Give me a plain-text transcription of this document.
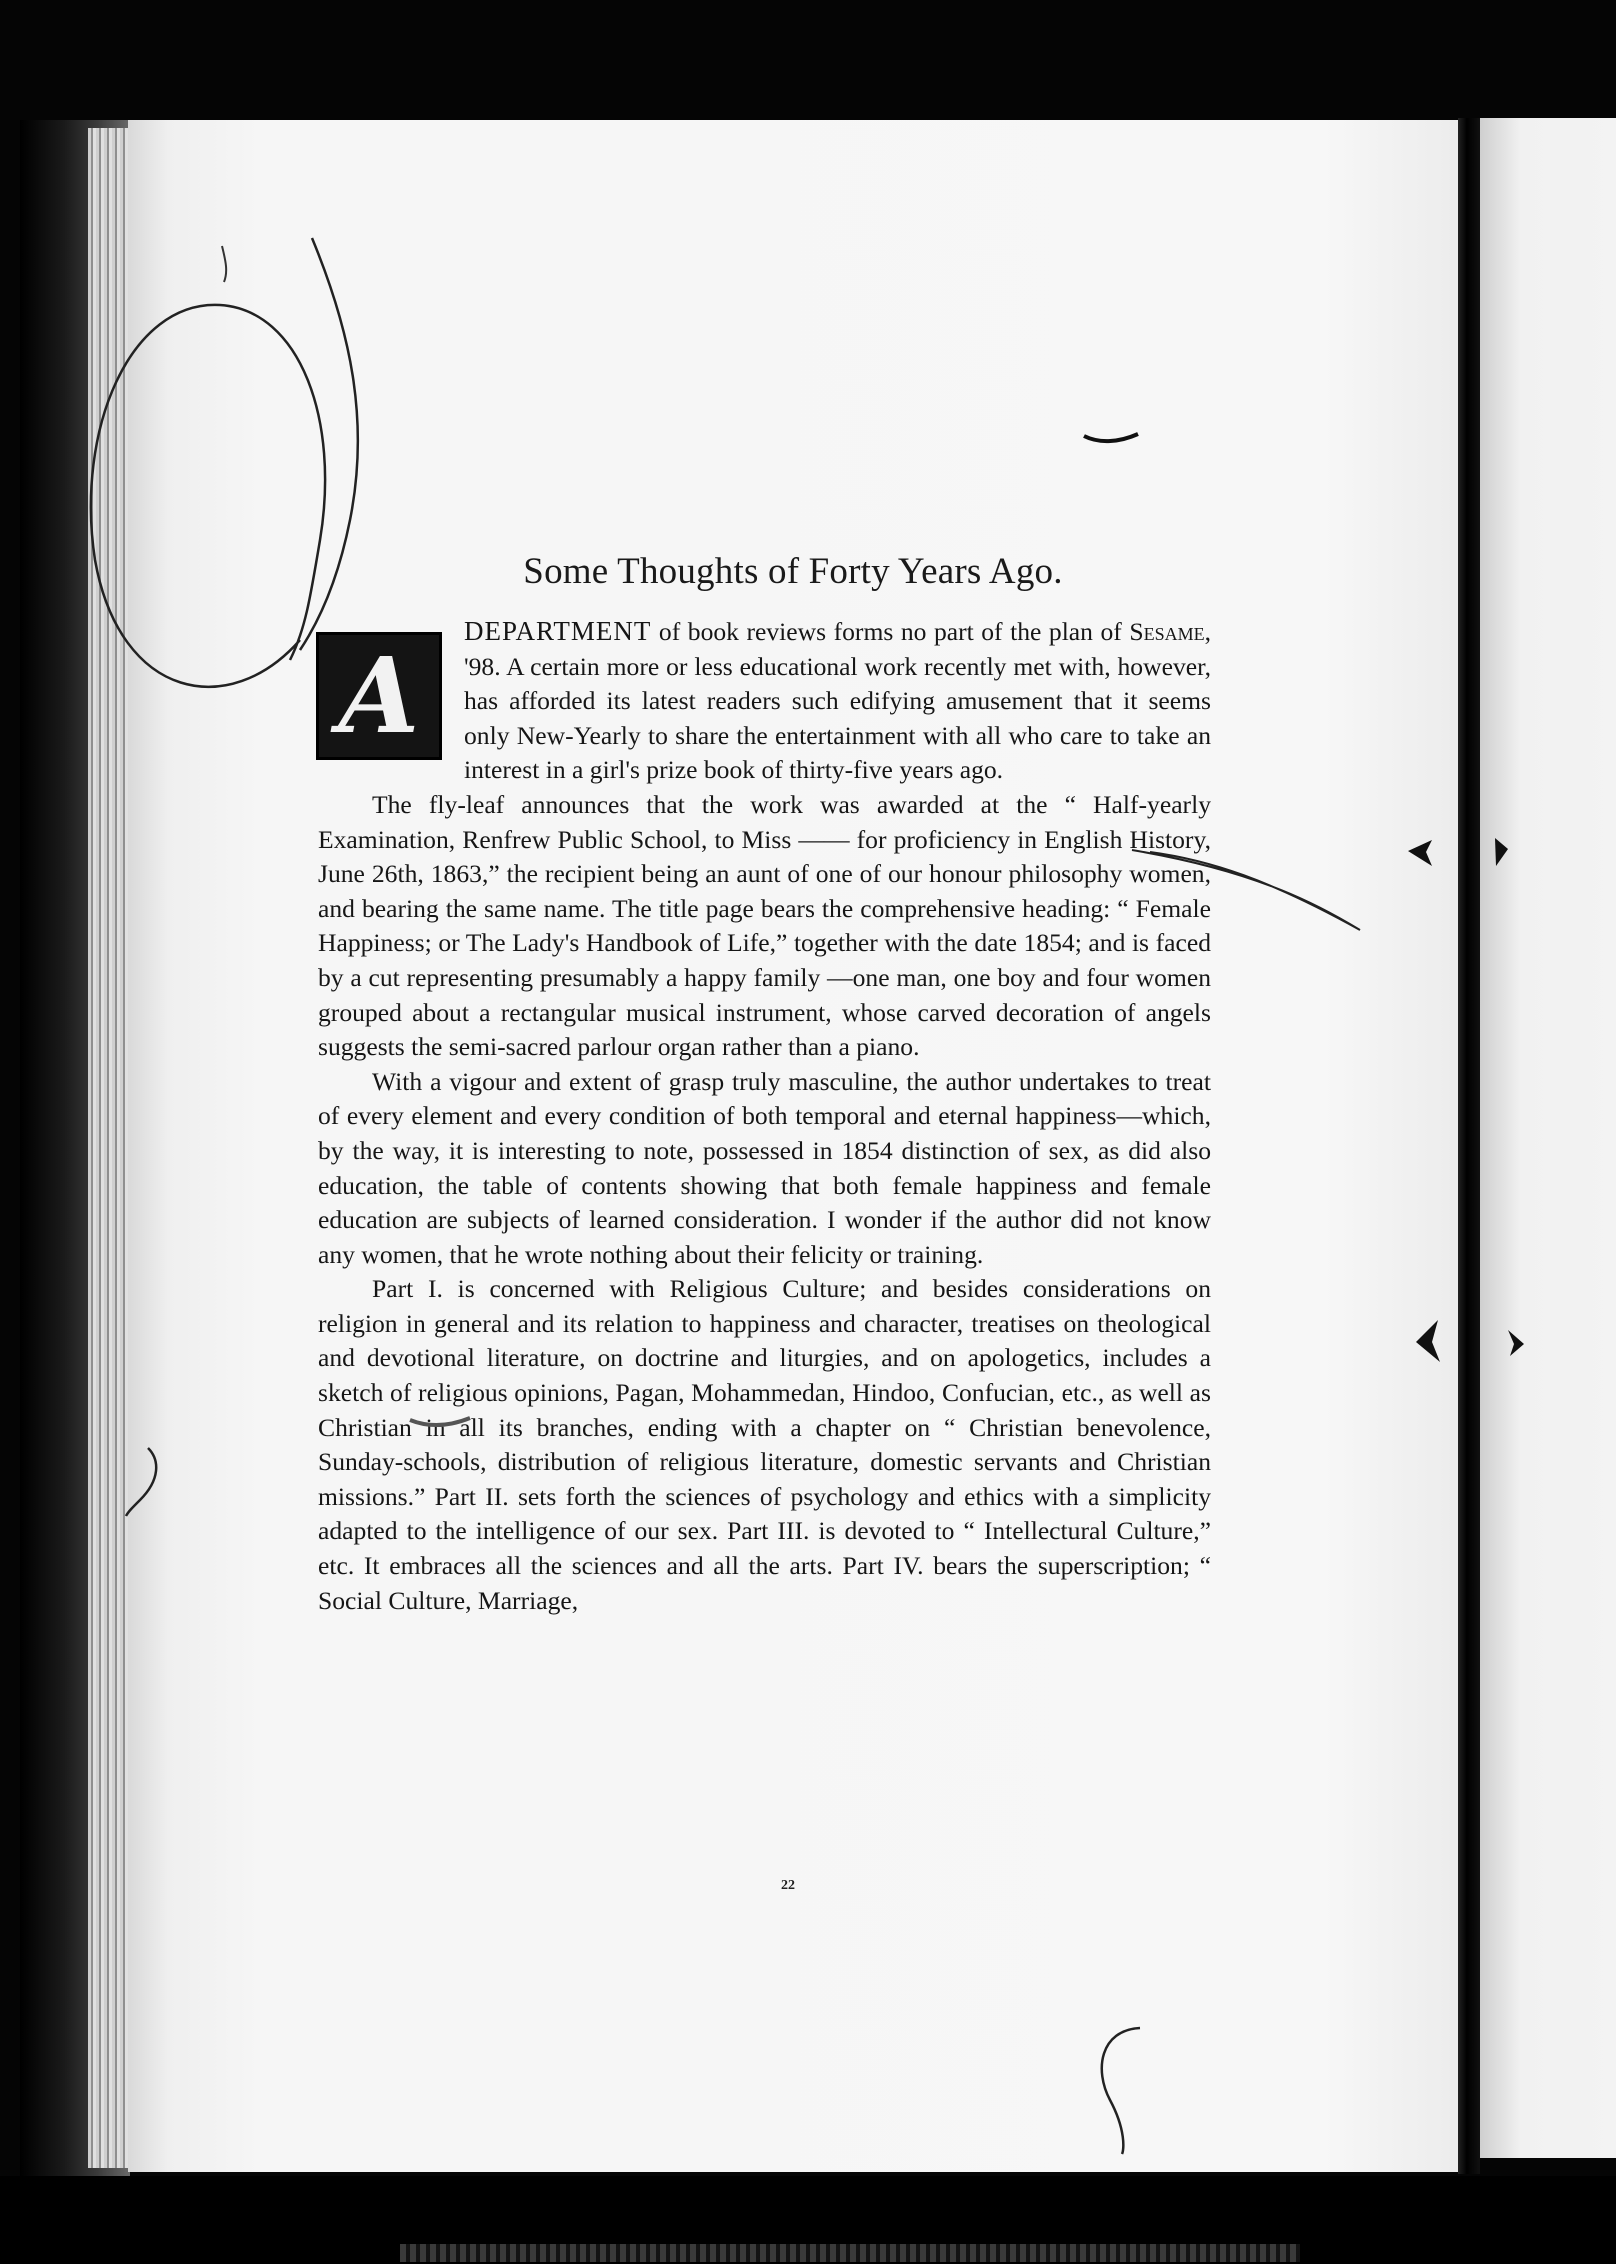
Some Thoughts of Forty Years Ago.
A

DEPARTMENT of book reviews forms no part of the plan of Sesame, '98. A certain more or less educational work recently met with, however, has afforded its latest readers such edifying amusement that it seems only New-Yearly to share the entertainment with all who care to take an interest in a girl's prize book of thirty-five years ago.

The fly-leaf announces that the work was awarded at the “ Half-yearly Examination, Renfrew Public School, to Miss —— for proficiency in English History, June 26th, 1863,” the recipient being an aunt of one of our honour philosophy women, and bearing the same name. The title page bears the comprehensive heading: “ Female Happiness; or The Lady's Handbook of Life,” together with the date 1854; and is faced by a cut representing presumably a happy family —one man, one boy and four women grouped about a rectangular musical instrument, whose carved decoration of angels suggests the semi-sacred parlour organ rather than a piano.

With a vigour and extent of grasp truly masculine, the author undertakes to treat of every element and every condition of both temporal and eternal happiness—which, by the way, it is interesting to note, possessed in 1854 distinction of sex, as did also education, the table of contents showing that both female happiness and female education are subjects of learned consideration. I wonder if the author did not know any women, that he wrote nothing about their felicity or training.

Part I. is concerned with Religious Culture; and besides considerations on religion in general and its relation to happiness and character, treatises on theological and devotional literature, on doctrine and liturgies, and on apologetics, includes a sketch of religious opinions, Pagan, Mohammedan, Hindoo, Confucian, etc., as well as Christian in all its branches, ending with a chapter on “ Christian benevolence, Sunday-schools, distribution of religious literature, domestic servants and Christian missions.” Part II. sets forth the sciences of psychology and ethics with a simplicity adapted to the intelligence of our sex. Part III. is devoted to “ Intellectural Culture,” etc. It embraces all the sciences and all the arts. Part IV. bears the superscription; “ Social Culture, Marriage,

22
